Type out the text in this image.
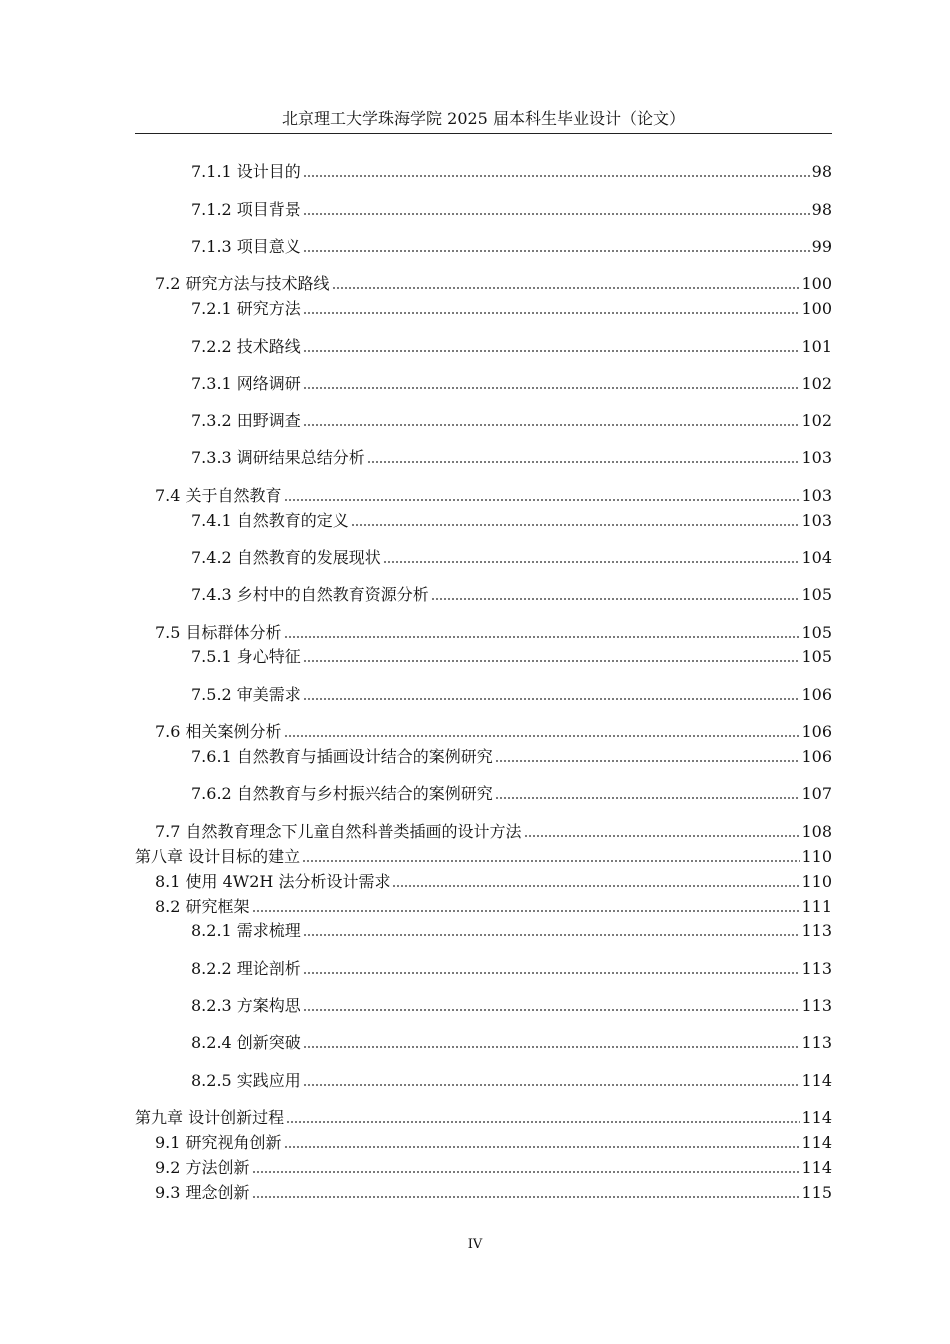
北京理工大学珠海学院 2025 届本科生毕业设计（论文）
7.1.1 设计目的	98
7.1.2 项目背景	98
7.1.3 项目意义	99
7.2 研究方法与技术路线	100
7.2.1 研究方法	100
7.2.2 技术路线	101
7.3.1 网络调研	102
7.3.2 田野调查	102
7.3.3 调研结果总结分析	103
7.4 关于自然教育	103
7.4.1 自然教育的定义	103
7.4.2 自然教育的发展现状	104
7.4.3 乡村中的自然教育资源分析	105
7.5 目标群体分析	105
7.5.1 身心特征	105
7.5.2 审美需求	106
7.6 相关案例分析	106
7.6.1 自然教育与插画设计结合的案例研究	106
7.6.2 自然教育与乡村振兴结合的案例研究	107
7.7 自然教育理念下儿童自然科普类插画的设计方法	108
第八章 设计目标的建立	110
8.1 使用 4W2H 法分析设计需求	110
8.2 研究框架	111
8.2.1 需求梳理	113
8.2.2 理论剖析	113
8.2.3 方案构思	113
8.2.4 创新突破	113
8.2.5 实践应用	114
第九章 设计创新过程	114
9.1 研究视角创新	114
9.2 方法创新	114
9.3 理念创新	115
IV
